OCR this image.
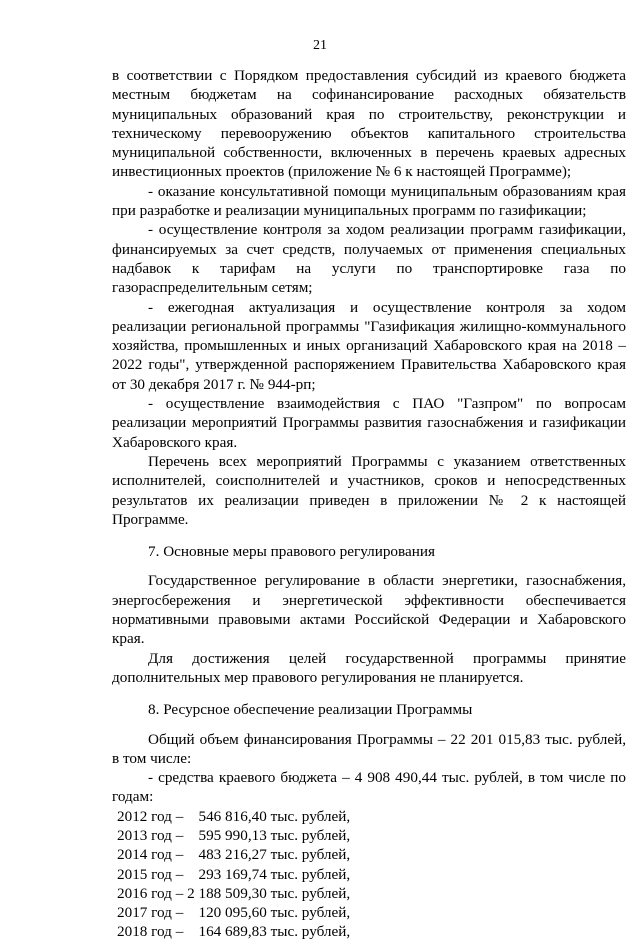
21

в соответствии с Порядком предоставления субсидий из краевого бюджета местным бюджетам на софинансирование расходных обязательств муниципальных образований края по строительству, реконструкции и техническому перевооружению объектов капитального строительства муниципальной собственности, включенных в перечень краевых адресных инвестиционных проектов (приложение № 6 к настоящей Программе);

- оказание консультативной помощи муниципальным образованиям края при разработке и реализации муниципальных программ по газификации;

- осуществление контроля за ходом реализации программ газификации, финансируемых за счет средств, получаемых от применения специальных надбавок к тарифам на услуги по транспортировке газа по газораспределительным сетям;

- ежегодная актуализация и осуществление контроля за ходом реализации региональной программы "Газификация жилищно-коммунального хозяйства, промышленных и иных организаций Хабаровского края на 2018 – 2022 годы", утвержденной распоряжением Правительства Хабаровского края от 30 декабря 2017 г. № 944-рп;

- осуществление взаимодействия с ПАО "Газпром" по вопросам реализации мероприятий Программы развития газоснабжения и газификации Хабаровского края.

Перечень всех мероприятий Программы с указанием ответственных исполнителей, соисполнителей и участников, сроков и непосредственных результатов их реализации приведен в приложении № 2 к настоящей Программе.

7. Основные меры правового регулирования

Государственное регулирование в области энергетики, газоснабжения, энергосбережения и энергетической эффективности обеспечивается нормативными правовыми актами Российской Федерации и Хабаровского края.

Для достижения целей государственной программы принятие дополнительных мер правового регулирования не планируется.

8. Ресурсное обеспечение реализации Программы

Общий объем финансирования Программы – 22 201 015,83 тыс. рублей, в том числе:

- средства краевого бюджета – 4 908 490,44 тыс. рублей, в том числе по годам:

2012 год –    546 816,40 тыс. рублей,

2013 год –    595 990,13 тыс. рублей,

2014 год –    483 216,27 тыс. рублей,

2015 год –    293 169,74 тыс. рублей,

2016 год – 2 188 509,30 тыс. рублей,

2017 год –    120 095,60 тыс. рублей,

2018 год –    164 689,83 тыс. рублей,
